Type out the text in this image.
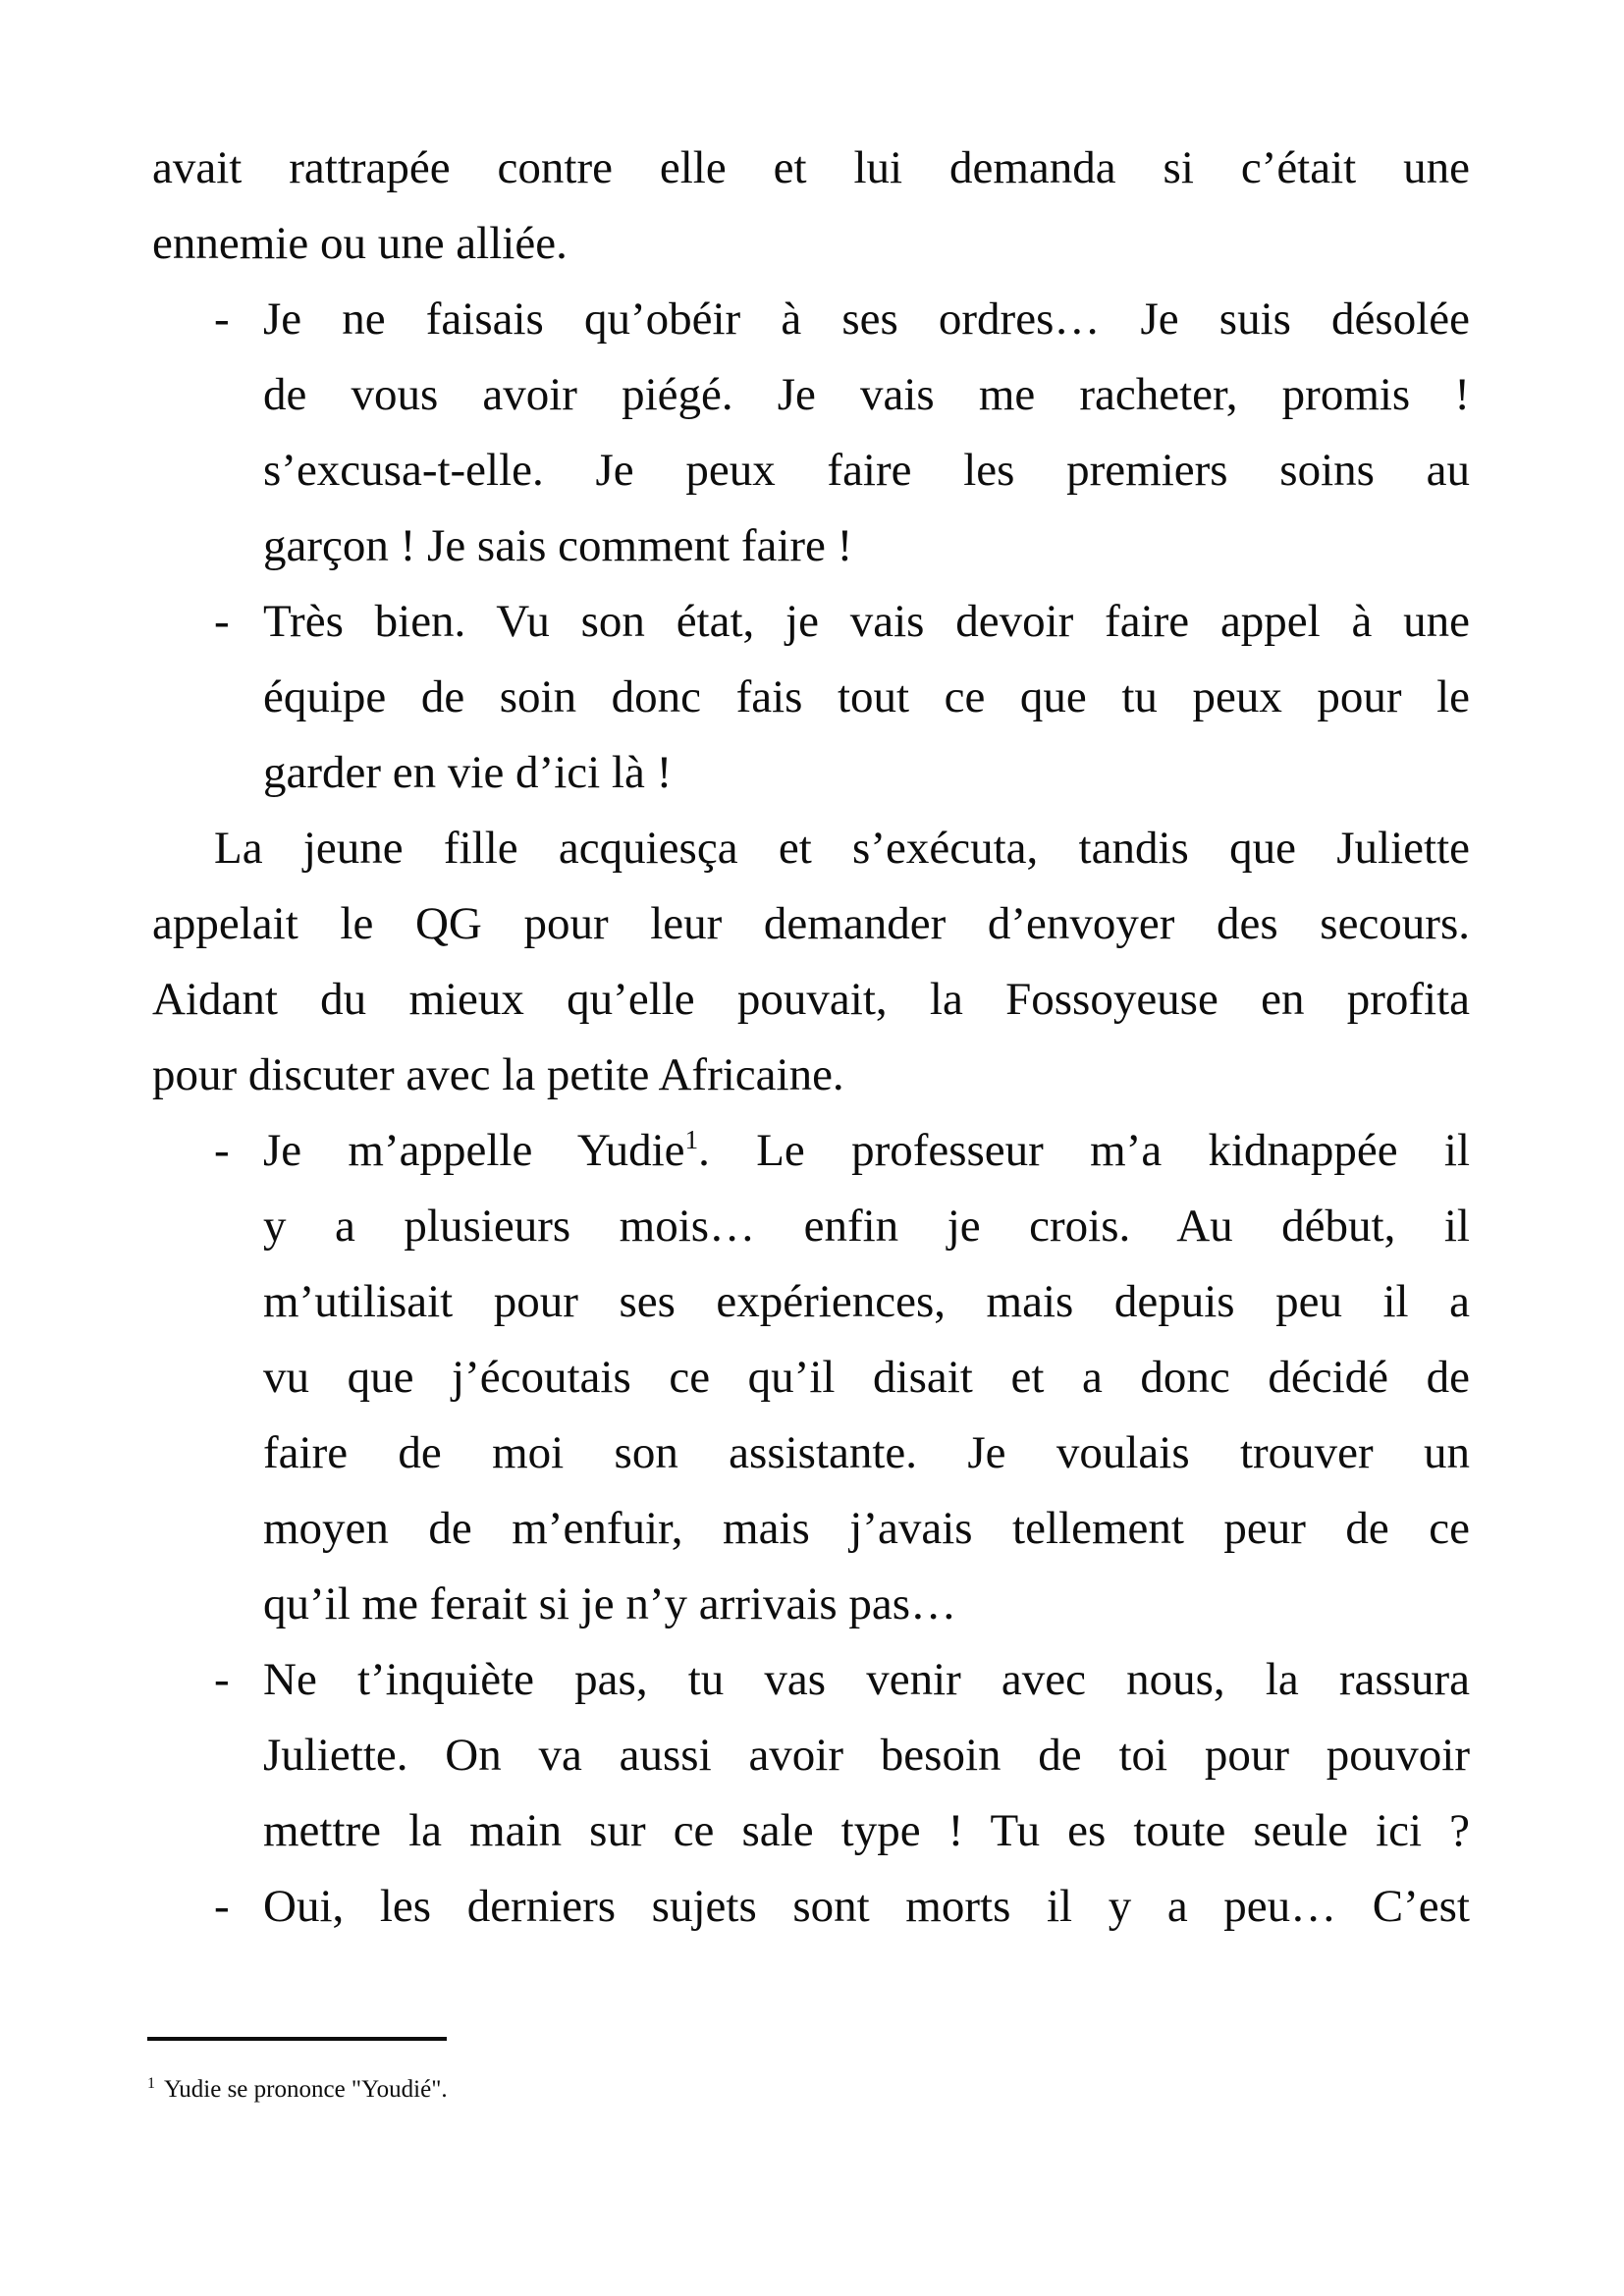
avait rattrapée contre elle et lui demanda si c’était une
ennemie ou une alliée.
- Je ne faisais qu’obéir à ses ordres… Je suis désolée
de vous avoir piégé. Je vais me racheter, promis !
s’excusa-t-elle. Je peux faire les premiers soins au
garçon ! Je sais comment faire !
- Très bien. Vu son état, je vais devoir faire appel à une
équipe de soin donc fais tout ce que tu peux pour le
garder en vie d’ici là !
La jeune fille acquiesça et s’exécuta, tandis que Juliette
appelait le QG pour leur demander d’envoyer des secours.
Aidant du mieux qu’elle pouvait, la Fossoyeuse en profita
pour discuter avec la petite Africaine.
- Je m’appelle Yudie$^1$. Le professeur m’a kidnappée il
y a plusieurs mois… enfin je crois. Au début, il
m’utilisait pour ses expériences, mais depuis peu il a
vu que j’écoutais ce qu’il disait et a donc décidé de
faire de moi son assistante. Je voulais trouver un
moyen de m’enfuir, mais j’avais tellement peur de ce
qu’il me ferait si je n’y arrivais pas…
- Ne t’inquiète pas, tu vas venir avec nous, la rassura
Juliette. On va aussi avoir besoin de toi pour pouvoir
mettre la main sur ce sale type ! Tu es toute seule ici ?
- Oui, les derniers sujets sont morts il y a peu… C’est
$^1$ Yudie se prononce "Youdié".
